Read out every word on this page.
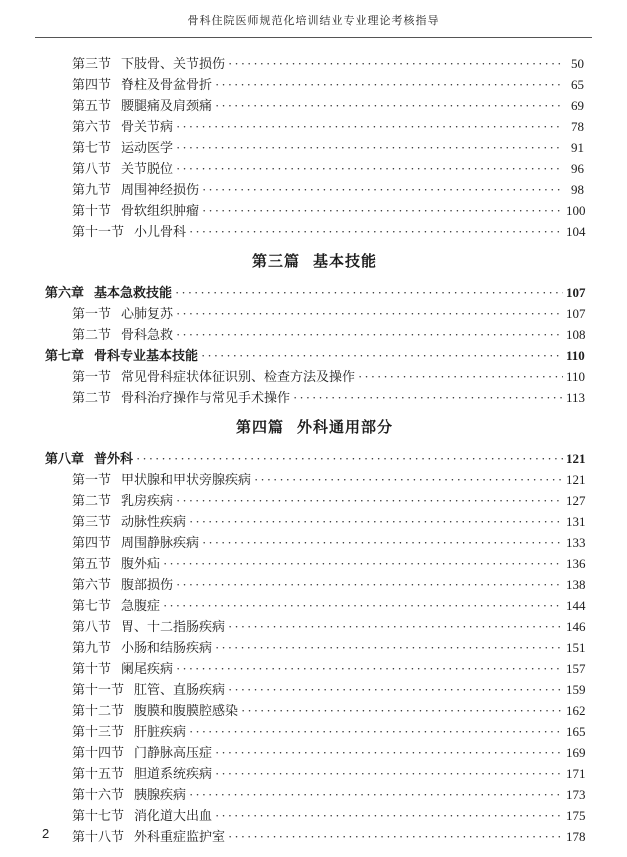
骨科住院医师规范化培训结业专业理论考核指导
第三节 下肢骨、关节损伤 ·····	50
第四节 脊柱及骨盆骨折 ·····	65
第五节 腰腿痛及肩颈痛 ·····	69
第六节 骨关节病 ·····	78
第七节 运动医学 ·····	91
第八节 关节脱位 ·····	96
第九节 周围神经损伤 ·····	98
第十节 骨软组织肿瘤 ·····	100
第十一节 小儿骨科 ·····	104
第三篇 基本技能
第六章 基本急救技能 ·····	107
第一节 心肺复苏 ·····	107
第二节 骨科急救 ·····	108
第七章 骨科专业基本技能 ·····	110
第一节 常见骨科症状体征识别、检查方法及操作 ·····	110
第二节 骨科治疗操作与常见手术操作 ·····	113
第四篇 外科通用部分
第八章 普外科 ·····	121
第一节 甲状腺和甲状旁腺疾病 ·····	121
第二节 乳房疾病 ·····	127
第三节 动脉性疾病 ·····	131
第四节 周围静脉疾病 ·····	133
第五节 腹外疝 ·····	136
第六节 腹部损伤 ·····	138
第七节 急腹症 ·····	144
第八节 胃、十二指肠疾病 ·····	146
第九节 小肠和结肠疾病 ·····	151
第十节 阑尾疾病 ·····	157
第十一节 肛管、直肠疾病 ·····	159
第十二节 腹膜和腹膜腔感染 ·····	162
第十三节 肝脏疾病 ·····	165
第十四节 门静脉高压症 ·····	169
第十五节 胆道系统疾病 ·····	171
第十六节 胰腺疾病 ·····	173
第十七节 消化道大出血 ·····	175
第十八节 外科重症监护室 ·····	178
2
